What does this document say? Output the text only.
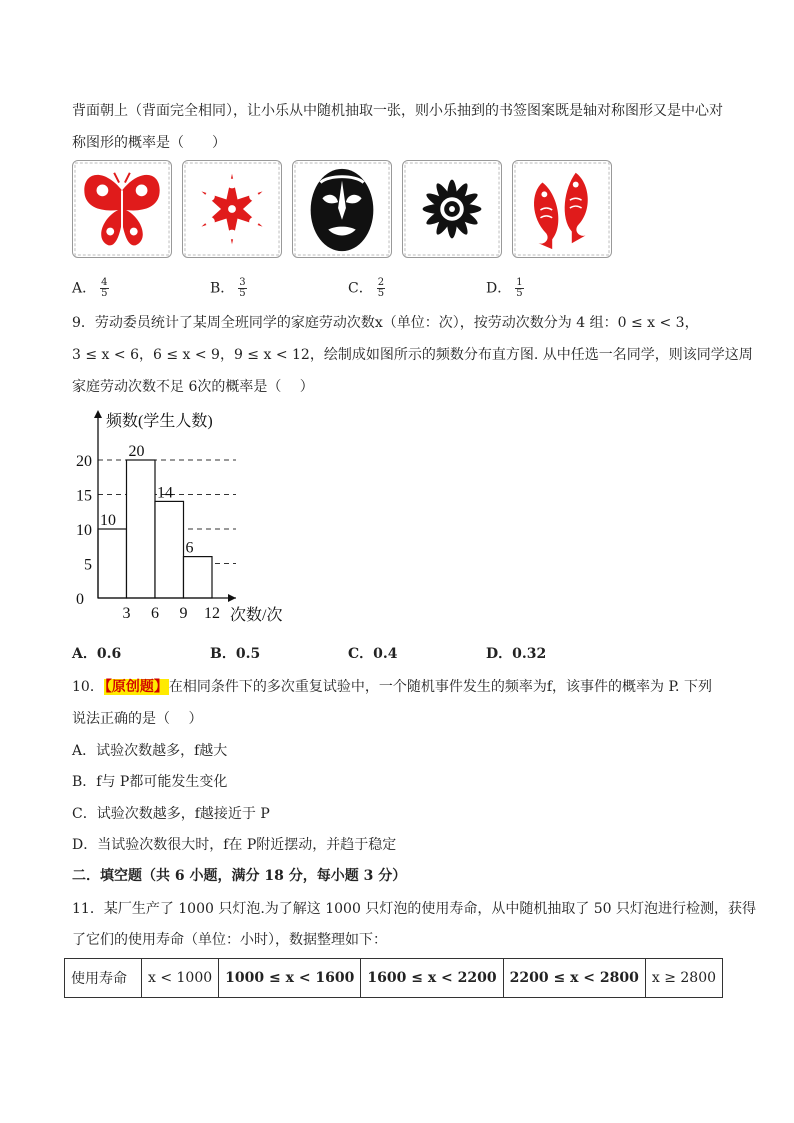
背面朝上（背面完全相同），让小乐从中随机抽取一张，则小乐抽到的书签图案既是轴对称图形又是中心对
称图形的概率是（　　）
A． $\frac{4}{5}$	B． $\frac{3}{5}$	C． $\frac{2}{5}$	D． $\frac{1}{5}$
9．劳动委员统计了某周全班同学的家庭劳动次数x（单位：次），按劳动次数分为 4 组：0 ≤ x < 3，
3 ≤ x < 6，6 ≤ x < 9，9 ≤ x < 12，绘制成如图所示的频数分布直方图. 从中任选一名同学，则该同学这周
家庭劳动次数不足 6次的概率是（　 ）
10
20
14
6
5
10
15
20
0
3 6 9 12
频数(学生人数)
次数/次
A．0.6	B．0.5	C．0.4	D．0.32
10．【原创题】在相同条件下的多次重复试验中，一个随机事件发生的频率为f，该事件的概率为 P. 下列
说法正确的是（　 ）
A．试验次数越多，f越大
B．f与 P都可能发生变化
C．试验次数越多，f越接近于 P
D．当试验次数很大时，f在 P附近摆动，并趋于稳定
二．填空题（共 6 小题，满分 18 分，每小题 3 分）
11．某厂生产了 1000 只灯泡.为了解这 1000 只灯泡的使用寿命，从中随机抽取了 50 只灯泡进行检测，获得
了它们的使用寿命（单位：小时），数据整理如下：
使用寿命	x < 1000	1000 ≤ x < 1600	1600 ≤ x < 2200	2200 ≤ x < 2800	x ≥ 2800
